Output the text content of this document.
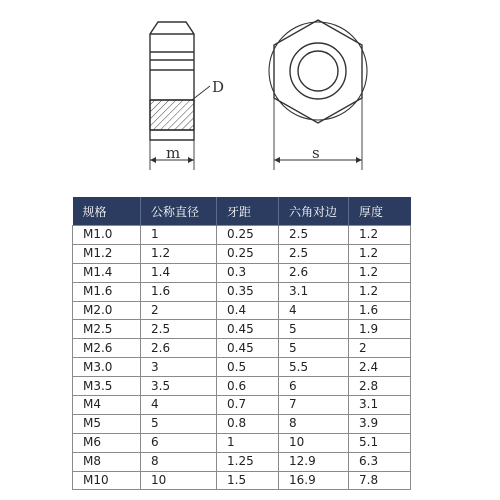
D
m	s
规格	公称直径	牙距	六角对边	厚度
M1.0	1	0.25	2.5	1.2
M1.2	1.2	0.25	2.5	1.2
M1.4	1.4	0.3	2.6	1.2
M1.6	1.6	0.35	3.1	1.2
M2.0	2	0.4	4	1.6
M2.5	2.5	0.45	5	1.9
M2.6	2.6	0.45	5	2
M3.0	3	0.5	5.5	2.4
M3.5	3.5	0.6	6	2.8
M4	4	0.7	7	3.1
M5	5	0.8	8	3.9
M6	6	1	10	5.1
M8	8	1.25	12.9	6.3
M10	10	1.5	16.9	7.8
